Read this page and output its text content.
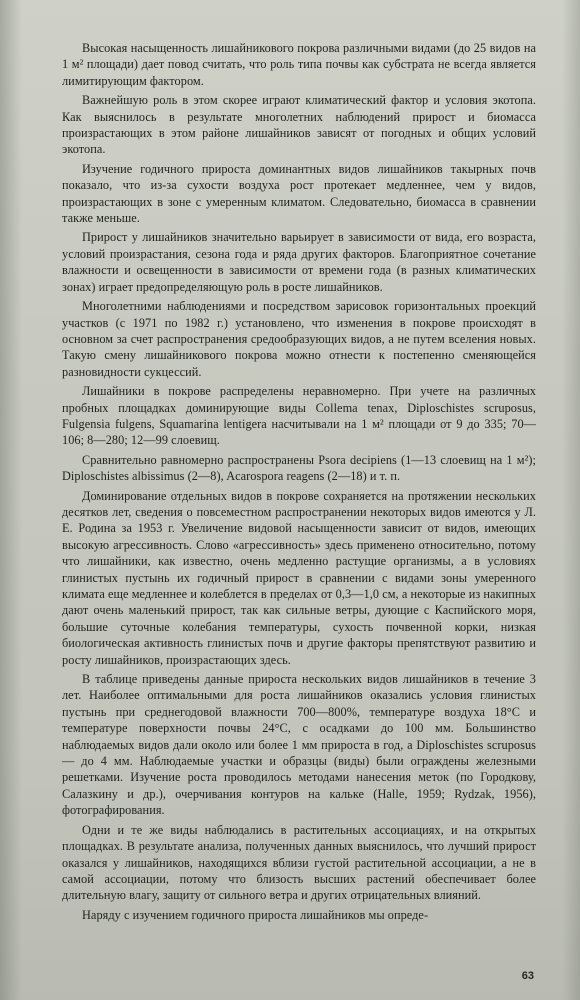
Высокая насыщенность лишайникового покрова различными видами (до 25 видов на 1 м² площади) дает повод считать, что роль типа почвы как субстрата не всегда является лимитирующим фактором.

Важнейшую роль в этом скорее играют климатический фактор и условия экотопа. Как выяснилось в результате многолетних наблюдений прирост и биомасса произрастающих в этом районе лишайников зависят от погодных и общих условий экотопа.

Изучение годичного прироста доминантных видов лишайников такырных почв показало, что из-за сухости воздуха рост протекает медленнее, чем у видов, произрастающих в зоне с умеренным климатом. Следовательно, биомасса в сравнении также меньше.

Прирост у лишайников значительно варьирует в зависимости от вида, его возраста, условий произрастания, сезона года и ряда других факторов. Благоприятное сочетание влажности и освещенности в зависимости от времени года (в разных климатических зонах) играет предопределяющую роль в росте лишайников.

Многолетними наблюдениями и посредством зарисовок горизонтальных проекций участков (с 1971 по 1982 г.) установлено, что изменения в покрове происходят в основном за счет распространения средообразующих видов, а не путем вселения новых. Такую смену лишайникового покрова можно отнести к постепенно сменяющейся разновидности сукцессий.

Лишайники в покрове распределены неравномерно. При учете на различных пробных площадках доминирующие виды Collema tenax, Diploschistes scruposus, Fulgensia fulgens, Squamarina lentigera насчитывали на 1 м² площади от 9 до 335; 70—106; 8—280; 12—99 слоевищ.

Сравнительно равномерно распространены Psora decipiens (1—13 слоевищ на 1 м²); Diploschistes albissimus (2—8), Acarospora reagens (2—18) и т. п.

Доминирование отдельных видов в покрове сохраняется на протяжении нескольких десятков лет, сведения о повсеместном распространении некоторых видов имеются у Л. Е. Родина за 1953 г. Увеличение видовой насыщенности зависит от видов, имеющих высокую агрессивность. Слово «агрессивность» здесь применено относительно, потому что лишайники, как известно, очень медленно растущие организмы, а в условиях глинистых пустынь их годичный прирост в сравнении с видами зоны умеренного климата еще медленнее и колеблется в пределах от 0,3—1,0 см, а некоторые из накипных дают очень маленький прирост, так как сильные ветры, дующие с Каспийского моря, большие суточные колебания температуры, сухость почвенной корки, низкая биологическая активность глинистых почв и другие факторы препятствуют развитию и росту лишайников, произрастающих здесь.

В таблице приведены данные прироста нескольких видов лишайников в течение 3 лет. Наиболее оптимальными для роста лишайников оказались условия глинистых пустынь при среднегодовой влажности 700—800%, температуре воздуха 18°С и температуре поверхности почвы 24°С, с осадками до 100 мм. Большинство наблюдаемых видов дали около или более 1 мм прироста в год, а Diploschistes scruposus — до 4 мм. Наблюдаемые участки и образцы (виды) были ограждены железными решетками. Изучение роста проводилось методами нанесения меток (по Городкову, Салазкину и др.), очерчивания контуров на кальке (Halle, 1959; Rydzak, 1956), фотографирования.

Одни и те же виды наблюдались в растительных ассоциациях, и на открытых площадках. В результате анализа, полученных данных выяснилось, что лучший прирост оказался у лишайников, находящихся вблизи густой растительной ассоциации, а не в самой ассоциации, потому что близость высших растений обеспечивает более длительную влагу, защиту от сильного ветра и других отрицательных влияний.

Наряду с изучением годичного прироста лишайников мы опреде-

63
